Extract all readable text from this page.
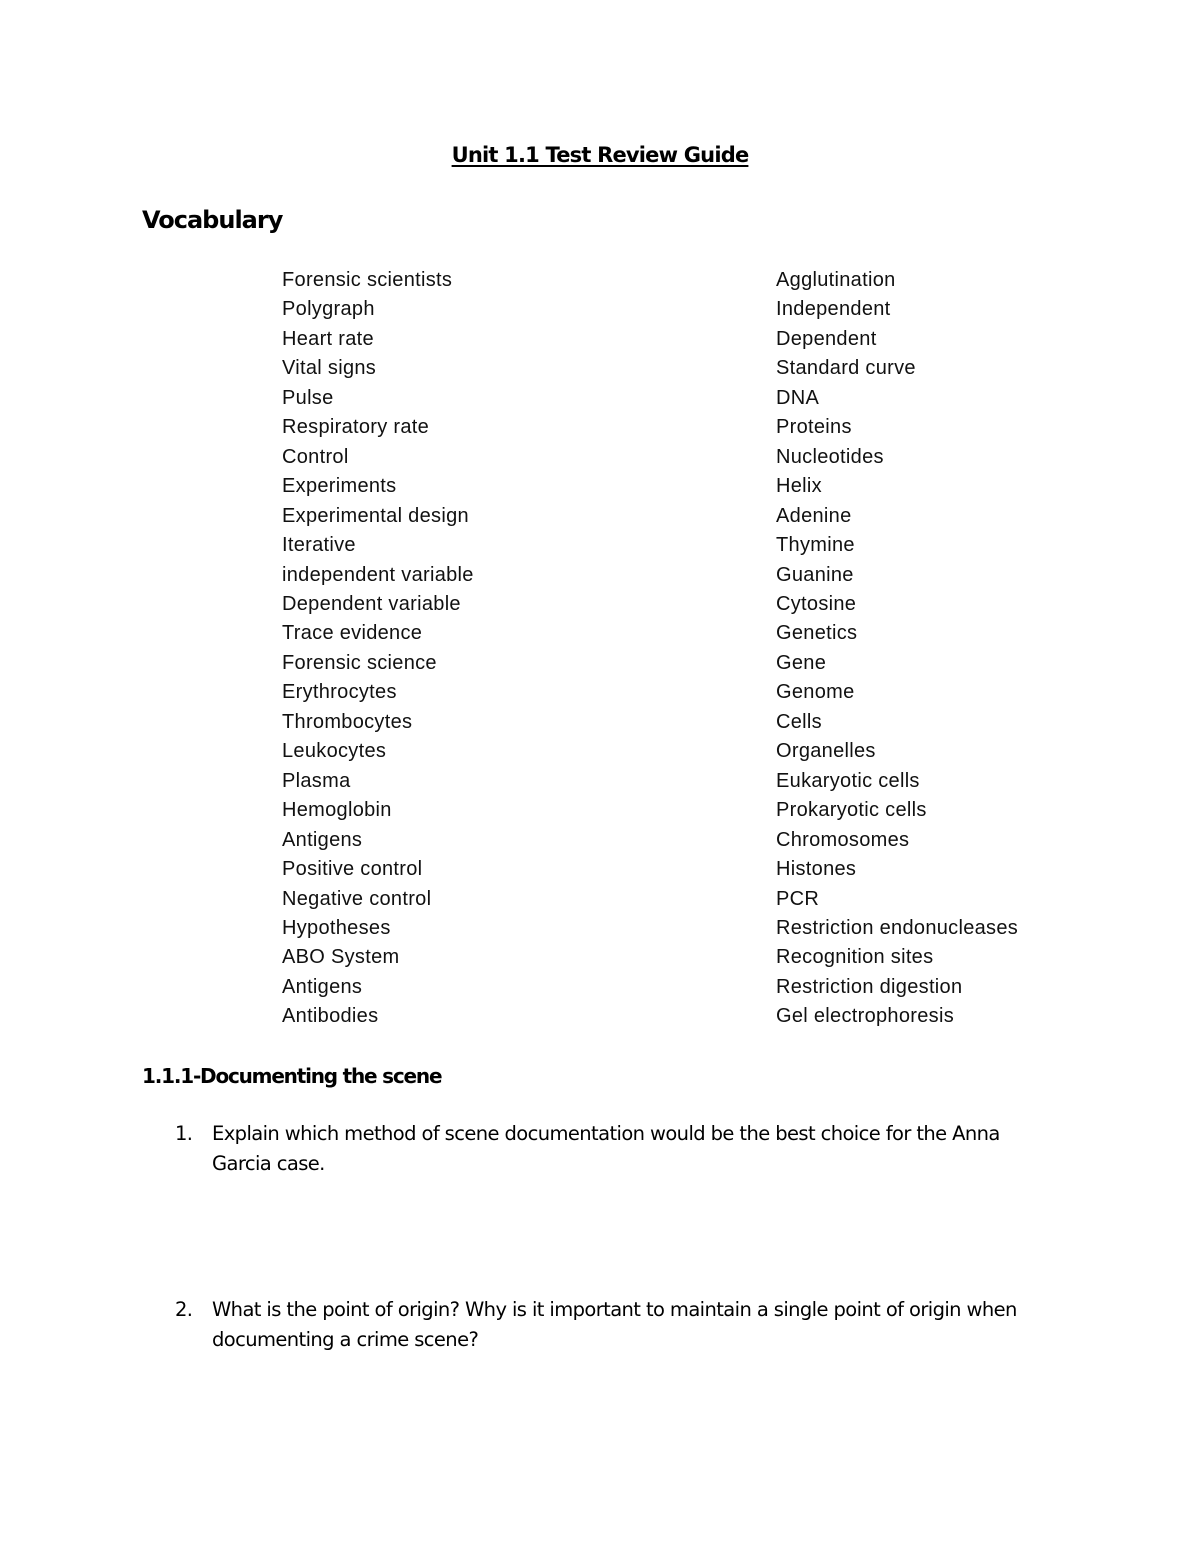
Unit 1.1 Test Review Guide
Vocabulary
Forensic scientists
Polygraph
Heart rate
Vital signs
Pulse
Respiratory rate
Control
Experiments
Experimental design
Iterative
independent variable
Dependent variable
Trace evidence
Forensic science
Erythrocytes
Thrombocytes
Leukocytes
Plasma
Hemoglobin
Antigens
Positive control
Negative control
Hypotheses
ABO System
Antigens
Antibodies
Agglutination
Independent
Dependent
Standard curve
DNA
Proteins
Nucleotides
Helix
Adenine
Thymine
Guanine
Cytosine
Genetics
Gene
Genome
Cells
Organelles
Eukaryotic cells
Prokaryotic cells
Chromosomes
Histones
PCR
Restriction endonucleases
Recognition sites
Restriction digestion
Gel electrophoresis
1.1.1-Documenting the scene
1. Explain which method of scene documentation would be the best choice for the Anna Garcia case.
2. What is the point of origin? Why is it important to maintain a single point of origin when documenting a crime scene?
